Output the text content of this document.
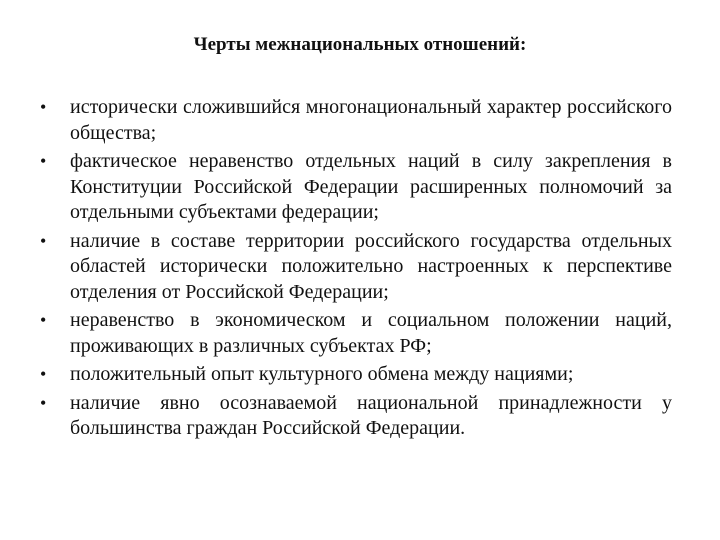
Черты межнациональных отношений:
•	исторически сложившийся многонациональный характер российского общества;
•	фактическое неравенство отдельных наций в силу закрепления в Конституции Российской Федерации расширенных полномочий за отдельными субъектами федерации;
•	наличие в составе территории российского государства отдельных областей исторически положительно настроенных к перспективе отделения от Российской Федерации;
•	неравенство в экономическом и социальном положении наций, проживающих в различных субъектах РФ;
•	положительный опыт культурного обмена между нациями;
•	наличие явно осознаваемой национальной принадлежности у большинства граждан Российской Федерации.
